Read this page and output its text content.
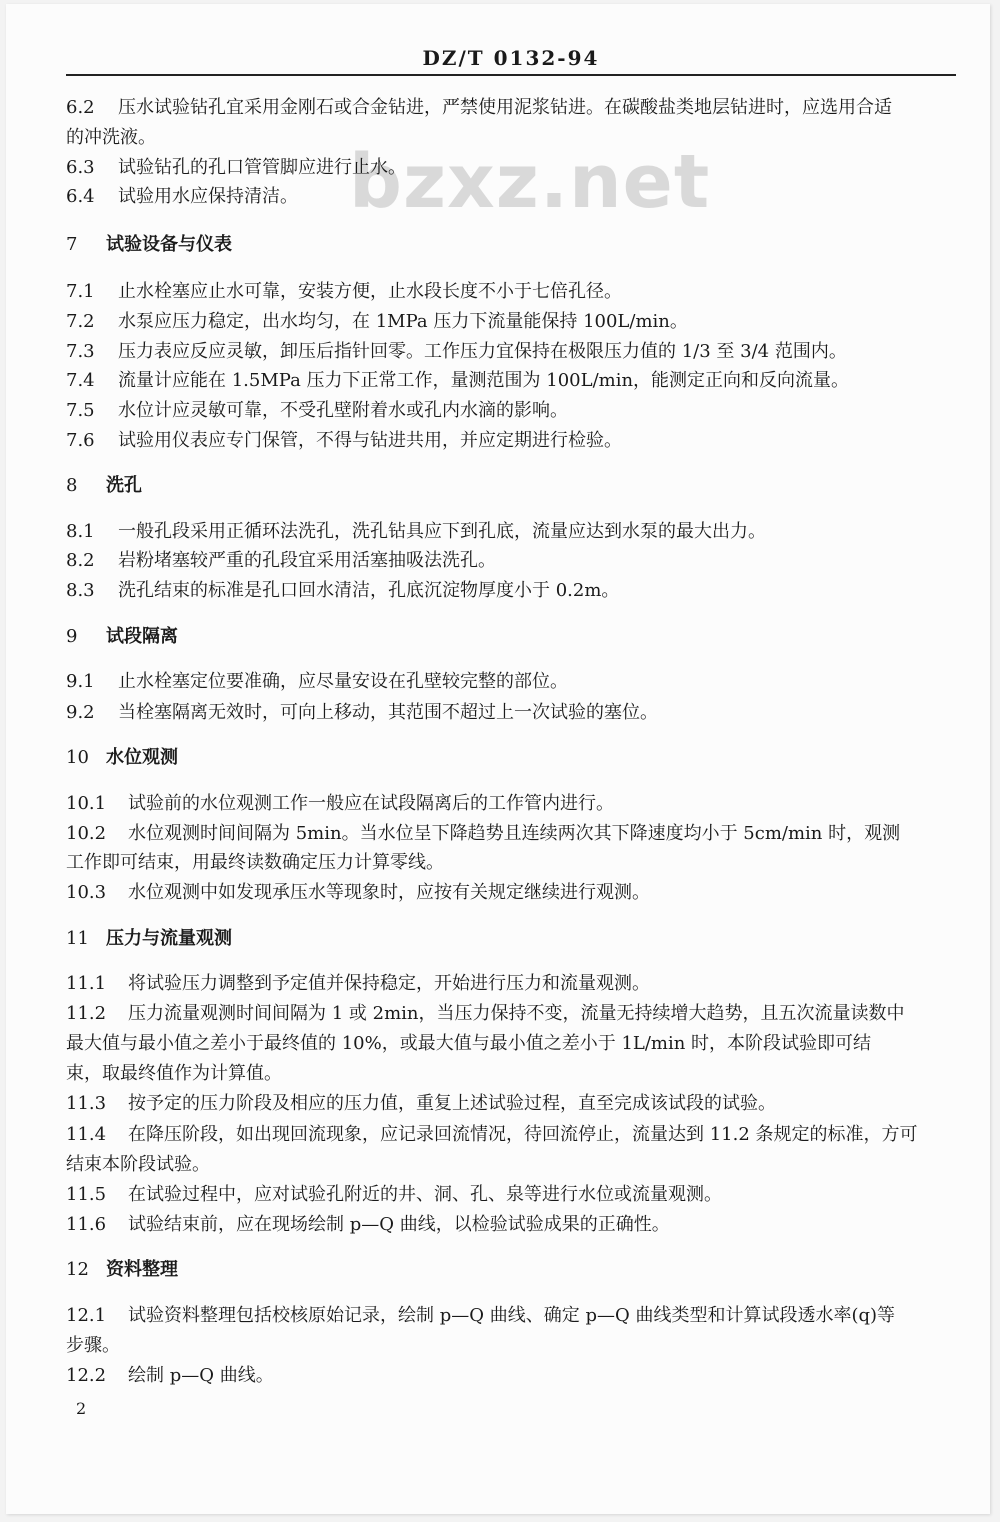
DZ/T 0132-94
bzxz.net
6.2 压水试验钻孔宜采用金刚石或合金钻进，严禁使用泥浆钻进。在碳酸盐类地层钻进时，应选用合适
的冲洗液。
6.3 试验钻孔的孔口管管脚应进行止水。
6.4 试验用水应保持清洁。
7 试验设备与仪表
7.1 止水栓塞应止水可靠，安装方便，止水段长度不小于七倍孔径。
7.2 水泵应压力稳定，出水均匀，在 1MPa 压力下流量能保持 100L/min。
7.3 压力表应反应灵敏，卸压后指针回零。工作压力宜保持在极限压力值的 1/3 至 3/4 范围内。
7.4 流量计应能在 1.5MPa 压力下正常工作，量测范围为 100L/min，能测定正向和反向流量。
7.5 水位计应灵敏可靠，不受孔壁附着水或孔内水滴的影响。
7.6 试验用仪表应专门保管，不得与钻进共用，并应定期进行检验。
8 洗孔
8.1 一般孔段采用正循环法洗孔，洗孔钻具应下到孔底，流量应达到水泵的最大出力。
8.2 岩粉堵塞较严重的孔段宜采用活塞抽吸法洗孔。
8.3 洗孔结束的标准是孔口回水清洁，孔底沉淀物厚度小于 0.2m。
9 试段隔离
9.1 止水栓塞定位要准确，应尽量安设在孔壁较完整的部位。
9.2 当栓塞隔离无效时，可向上移动，其范围不超过上一次试验的塞位。
10 水位观测
10.1 试验前的水位观测工作一般应在试段隔离后的工作管内进行。
10.2 水位观测时间间隔为 5min。当水位呈下降趋势且连续两次其下降速度均小于 5cm/min 时，观测
工作即可结束，用最终读数确定压力计算零线。
10.3 水位观测中如发现承压水等现象时，应按有关规定继续进行观测。
11 压力与流量观测
11.1 将试验压力调整到予定值并保持稳定，开始进行压力和流量观测。
11.2 压力流量观测时间间隔为 1 或 2min，当压力保持不变，流量无持续增大趋势，且五次流量读数中
最大值与最小值之差小于最终值的 10%，或最大值与最小值之差小于 1L/min 时，本阶段试验即可结
束，取最终值作为计算值。
11.3 按予定的压力阶段及相应的压力值，重复上述试验过程，直至完成该试段的试验。
11.4 在降压阶段，如出现回流现象，应记录回流情况，待回流停止，流量达到 11.2 条规定的标准，方可
结束本阶段试验。
11.5 在试验过程中，应对试验孔附近的井、洞、孔、泉等进行水位或流量观测。
11.6 试验结束前，应在现场绘制 p—Q 曲线，以检验试验成果的正确性。
12 资料整理
12.1 试验资料整理包括校核原始记录，绘制 p—Q 曲线、确定 p—Q 曲线类型和计算试段透水率(q)等
步骤。
12.2 绘制 p—Q 曲线。
2
